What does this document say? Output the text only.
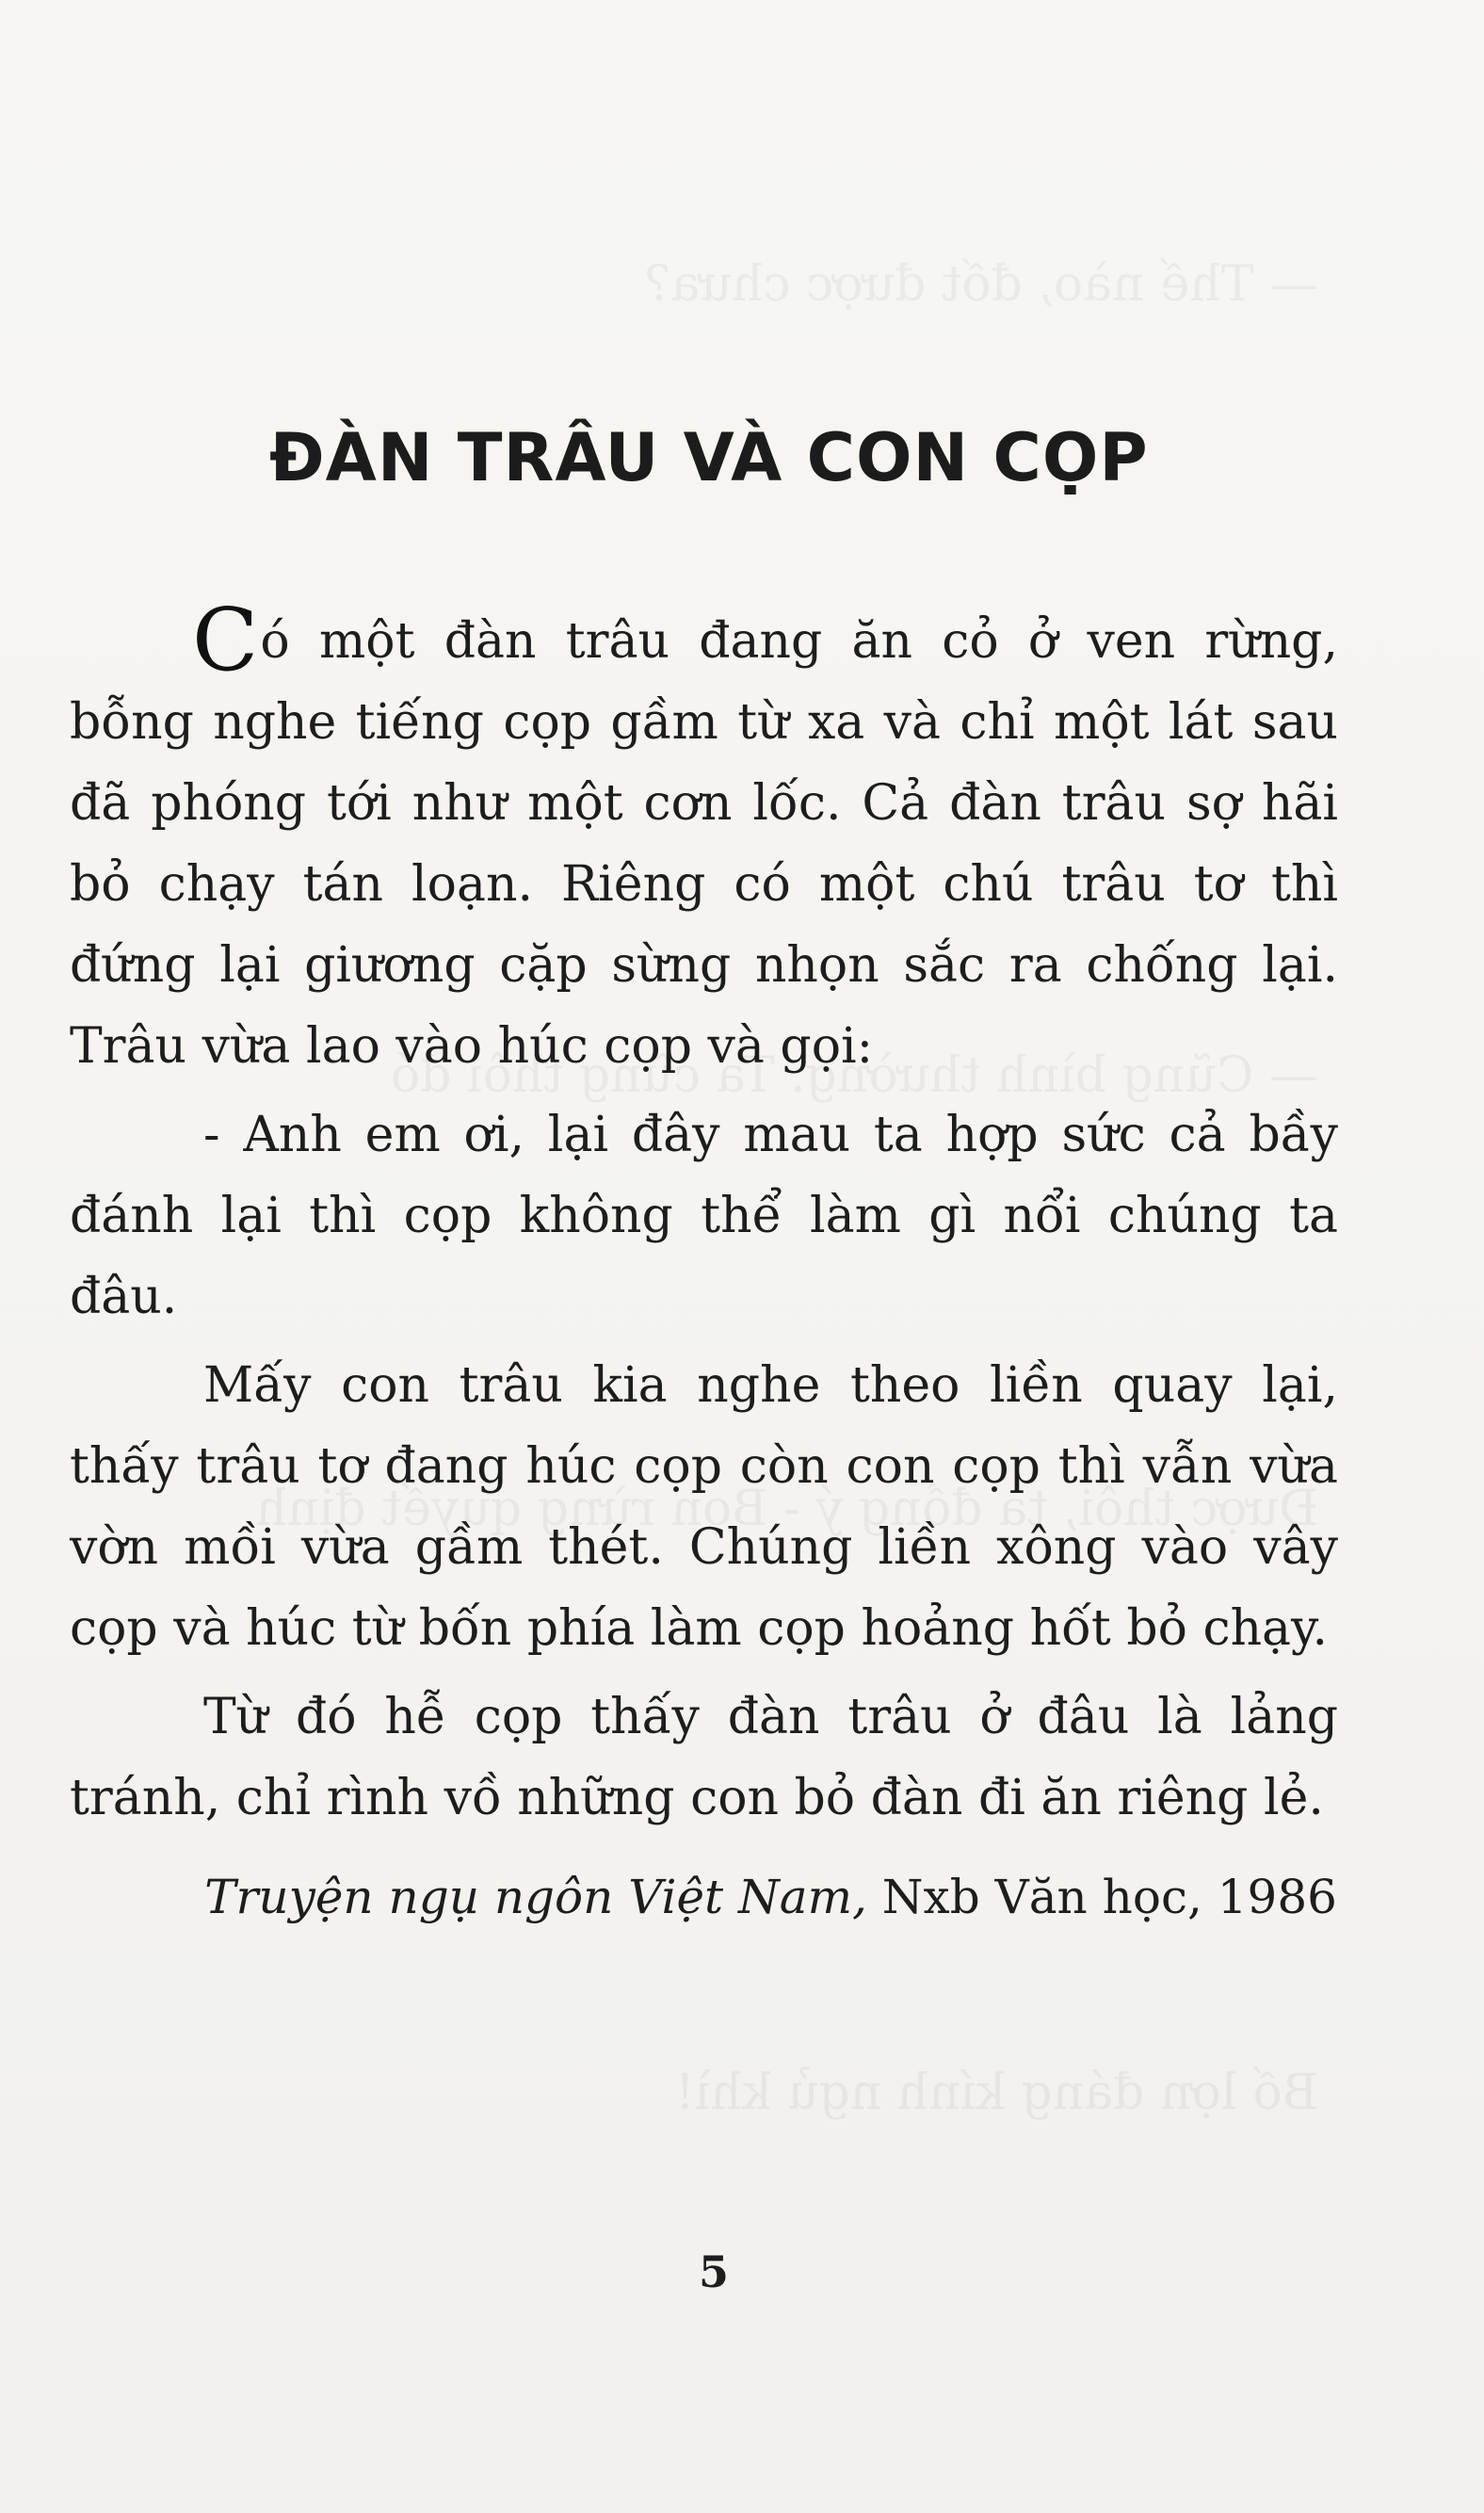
ĐÀN TRÂU VÀ CON CỌP

Có một đàn trâu đang ăn cỏ ở ven rừng, bỗng nghe tiếng cọp gầm từ xa và chỉ một lát sau đã phóng tới như một cơn lốc. Cả đàn trâu sợ hãi bỏ chạy tán loạn. Riêng có một chú trâu tơ thì đứng lại giương cặp sừng nhọn sắc ra chống lại. Trâu vừa lao vào húc cọp và gọi:

- Anh em ơi, lại đây mau ta hợp sức cả bầy đánh lại thì cọp không thể làm gì nổi chúng ta đâu.

Mấy con trâu kia nghe theo liền quay lại, thấy trâu tơ đang húc cọp còn con cọp thì vẫn vừa vờn mồi vừa gầm thét. Chúng liền xông vào vây cọp và húc từ bốn phía làm cọp hoảng hốt bỏ chạy.

Từ đó hễ cọp thấy đàn trâu ở đâu là lảng tránh, chỉ rình vồ những con bỏ đàn đi ăn riêng lẻ.

Truyện ngụ ngôn Việt Nam, Nxb Văn học, 1986
5
